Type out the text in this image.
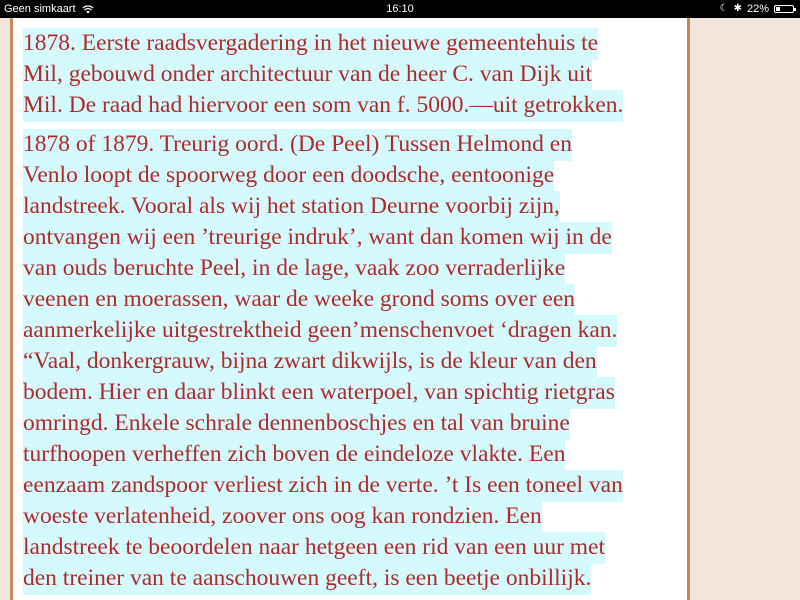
16:10
Geen simkaart	☾ ✱ 22%
1878. Eerste raadsvergadering in het nieuwe gemeentehuis te
Mil, gebouwd onder architectuur van de heer C. van Dijk uit
Mil. De raad had hiervoor een som van f. 5000.—uit getrokken.
1878 of 1879. Treurig oord. (De Peel) Tussen Helmond en
Venlo loopt de spoorweg door een doodsche, eentoonige
landstreek. Vooral als wij het station Deurne voorbij zijn,
ontvangen wij een ’treurige indruk’, want dan komen wij in de
van ouds beruchte Peel, in de lage, vaak zoo verraderlijke
veenen en moerassen, waar de weeke grond soms over een
aanmerkelijke uitgestrektheid geen’menschenvoet ‘dragen kan.
“Vaal, donkergrauw, bijna zwart dikwijls, is de kleur van den
bodem. Hier en daar blinkt een waterpoel, van spichtig rietgras
omringd. Enkele schrale dennenboschjes en tal van bruine
turfhoopen verheffen zich boven de eindeloze vlakte. Een
eenzaam zandspoor verliest zich in de verte. ’t Is een toneel van
woeste verlatenheid, zoover ons oog kan rondzien. Een
landstreek te beoordelen naar hetgeen een rid van een uur met
den treiner van te aanschouwen geeft, is een beetje onbillijk.
